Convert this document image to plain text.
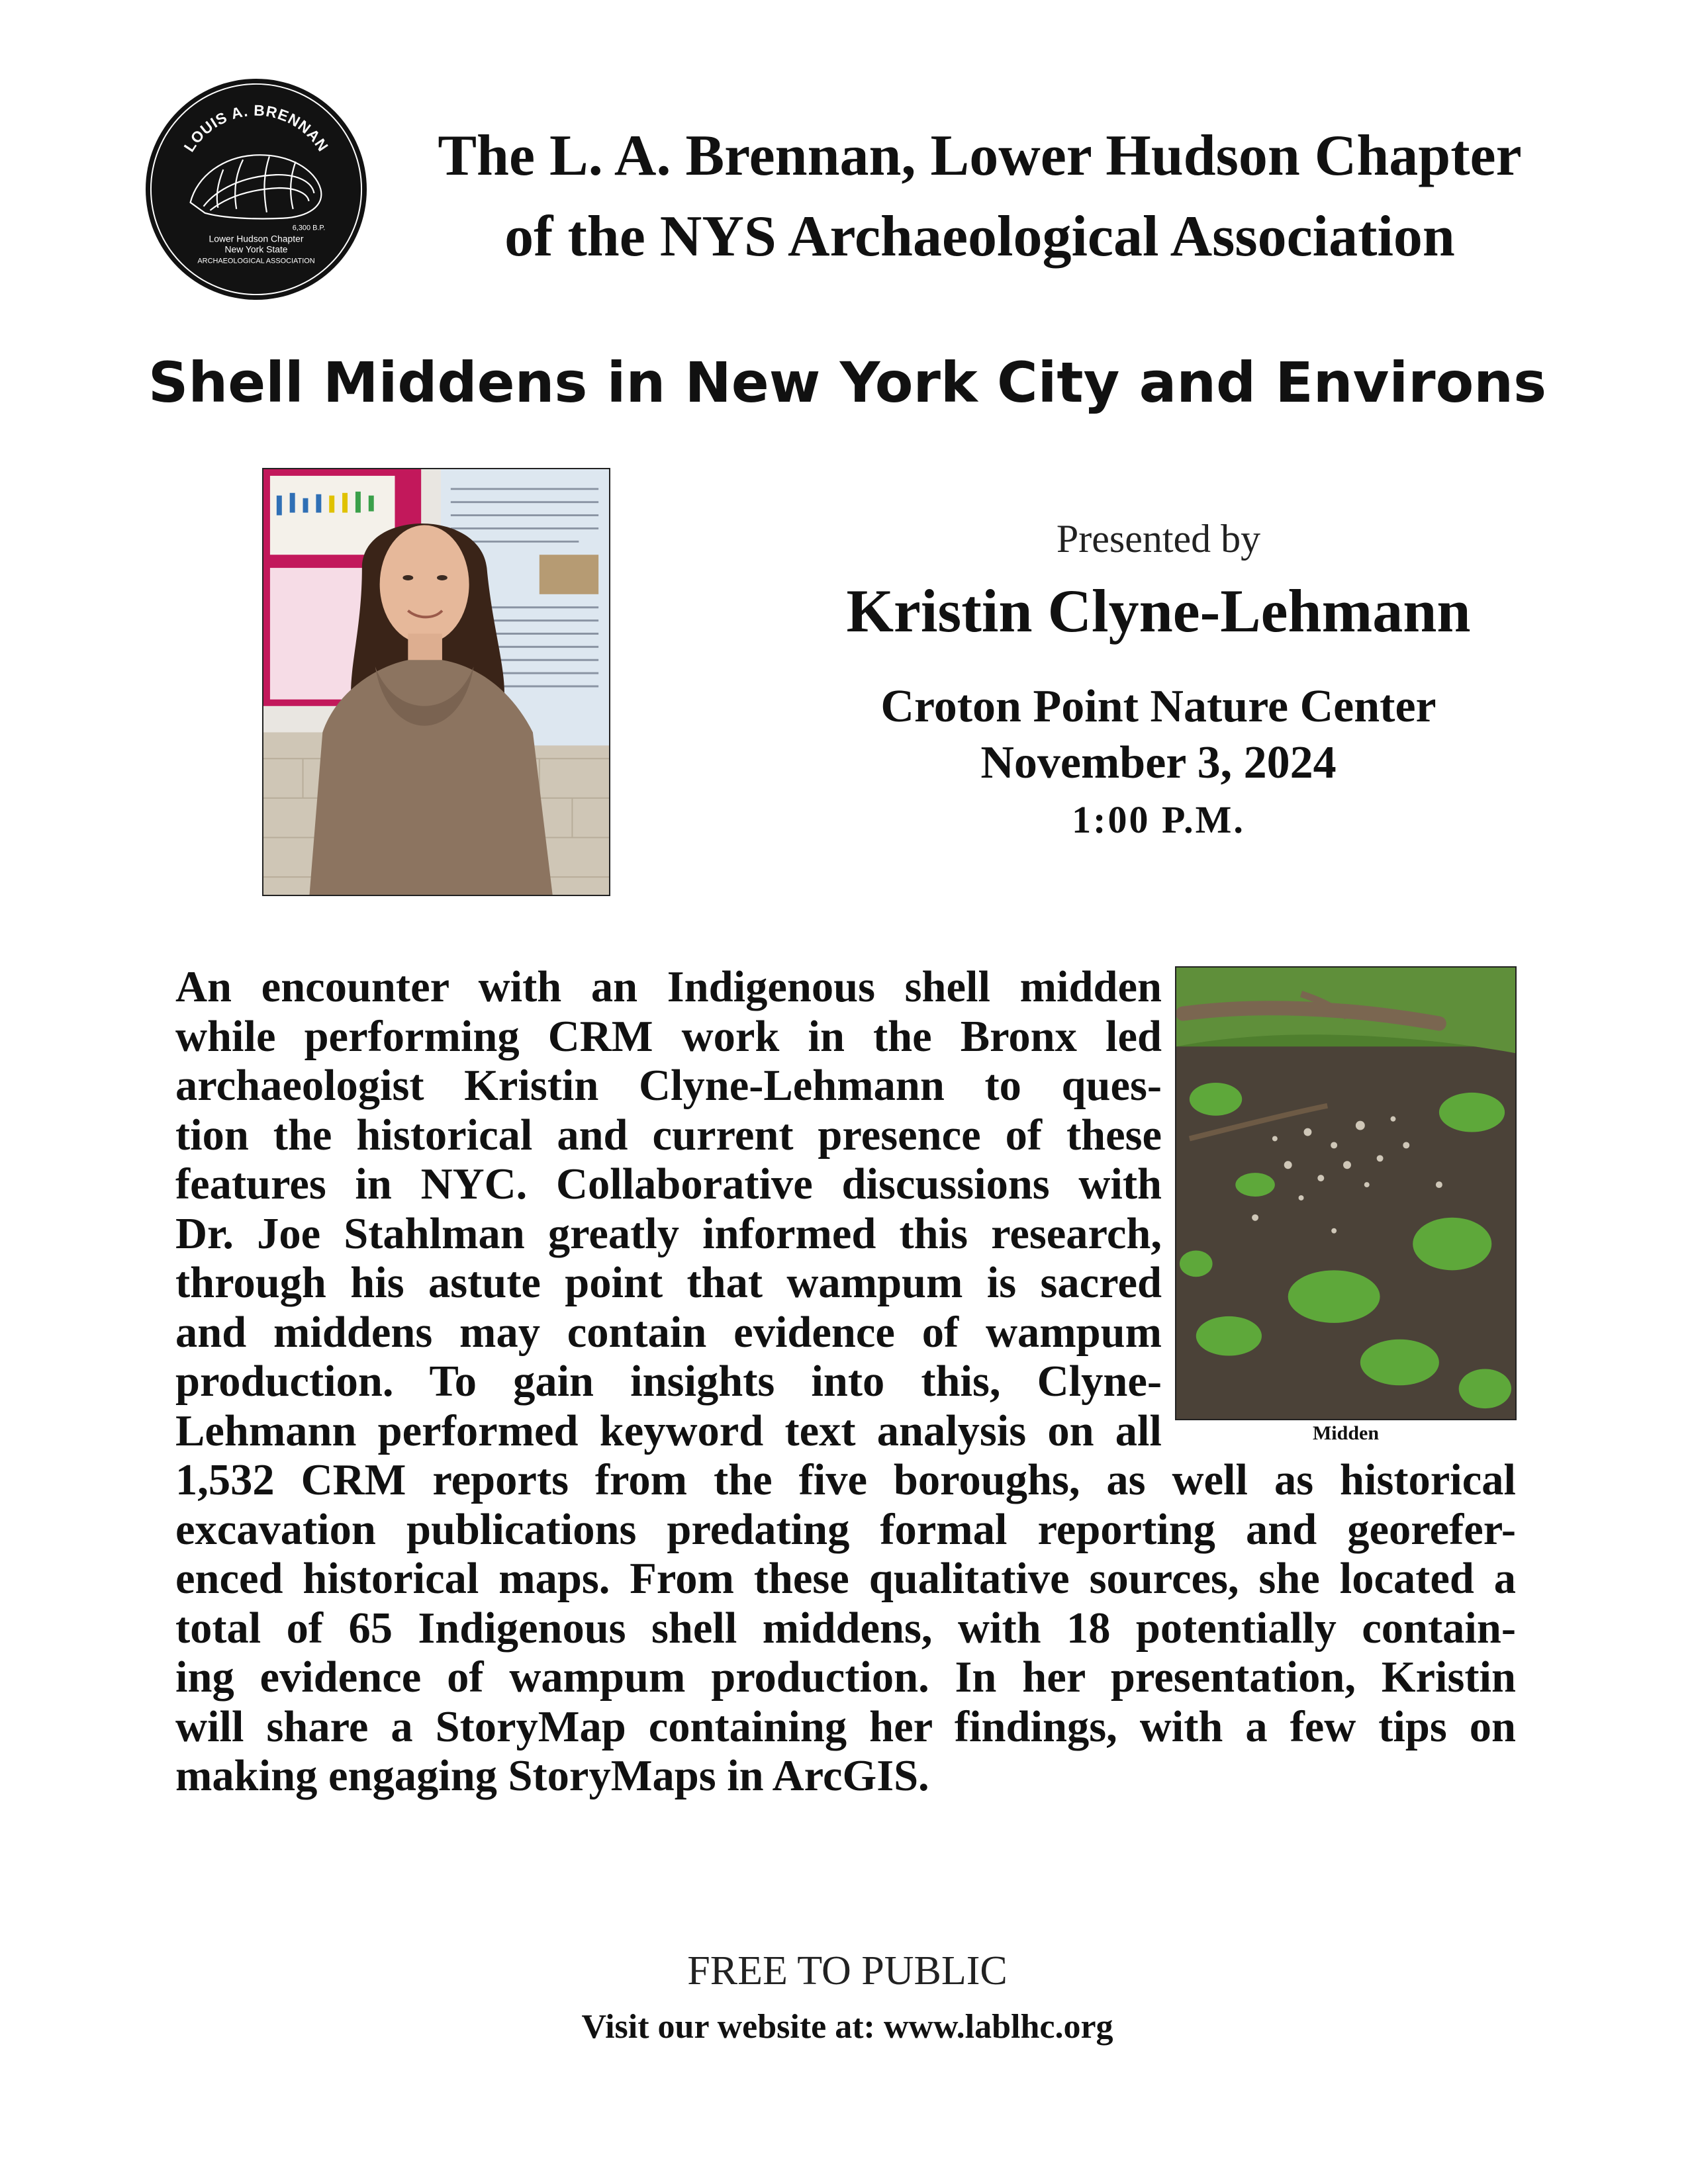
LOUIS A. BRENNAN
6,300 B.P.
Lower Hudson Chapter
New York State
ARCHAEOLOGICAL ASSOCIATION
The L. A. Brennan, Lower Hudson Chapter
of the NYS Archaeological Association
Shell Middens in New York City and Environs
Presented by
Kristin Clyne-Lehmann
Croton Point Nature Center
November 3, 2024
1:00 P.M.
Midden
An encounter with an Indigenous shell midden
while performing CRM work in the Bronx led
archaeologist Kristin Clyne-Lehmann to ques-
tion the historical and current presence of these
features in NYC. Collaborative discussions with
Dr. Joe Stahlman greatly informed this research,
through his astute point that wampum is sacred
and middens may contain evidence of wampum
production. To gain insights into this, Clyne-
Lehmann performed keyword text analysis on all
1,532 CRM reports from the five boroughs, as well as historical
excavation publications predating formal reporting and georefer-
enced historical maps. From these qualitative sources, she located a
total of 65 Indigenous shell middens, with 18 potentially contain-
ing evidence of wampum production. In her presentation, Kristin
will share a StoryMap containing her findings, with a few tips on
making engaging StoryMaps in ArcGIS.
FREE TO PUBLIC
Visit our website at: www.lablhc.org
